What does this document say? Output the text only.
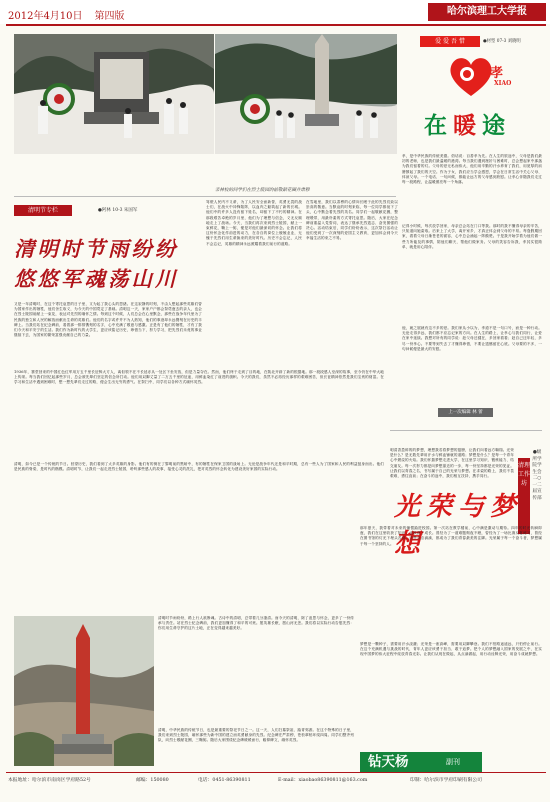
2012年4月10日 第四版	哈尔滨理工大学报
亲林校的同学们在烈士陵园的前敬献花圈并肃穆
清明节专栏	●阿林 10-3 朱国军
清明时节雨纷纷
悠悠军魂荡山川
又是一年清明时，在这个寄托哀思的日子里，又为起了我心头的思绪。在这寂静的时刻，不由人想起那些英雄们曾为国家作出的牺牲，他们舍生取义，为今天的中国奠定了基础。清明这一天，家家户户都会祭奠逝去的亲人，也会在烈士陵园前献上一束花，表达对先烈的缅怀之情。每到这个时候，人们总会在心里默念，那些在战争年代里为了民族的独立和人民的解放而献出生命的英雄们。他们的名字或许并不为人熟知，他们的事迹却永远镌刻在历史的丰碑上。当我们站在纪念碑前，看着那一排排镌刻的名字，心中充满了敬意与感激。正是有了他们的牺牲，才有了我们今天和平安宁的生活。我们作为新时代的大学生，更应该铭记历史，珍惜当下，努力学习，把先烈们未竟的事业继续下去，为国家的繁荣富强贡献自己的力量。
驾驶人民内不义命，为了人民安全而新誓，英勇无畏的战士们，在战火中冲锋陷阵，以血肉之躯筑起了新的长城。他们中的许多人没有留下姓名，却留下了不朽的精神。在那段艰苦卓绝的岁月里，他们为了理想与信念，义无反顾地走上了战场。今天，当我们再次来到烈士陵园，献上一束鲜花，鞠上一躬，便是对他们最深切的怀念。让我们将这份怀念化作前进的动力，在各自的岗位上兢兢业业，无愧于先烈们用生命换来的美好时代。历史不会忘记，人民不会忘记，英雄的精神永远照耀着我们前行的道路。
在雪地里，我们以肃穆的心情向长眠于此的先烈们致以崇高的敬意。当默哀的时刻来临，每一位同学都低下了头，心中默念着先烈的英名。同学们一起敬献花圈，整理缎带，用最朴素的方式寄托哀思。随后，大家在纪念碑前重温入党誓词，表达了继承先烈遗志、奋发图强的决心。活动结束后，同学们纷纷表示，这次祭扫活动让他们受到了一次深刻的爱国主义教育，更加体会到今天幸福生活的来之不易。
1936年，寨堂回来的中国红色红军用万五千里长征铸大方人，离但领不在不长延亦从一处区下坐安放，但是力量夺在。然而，他们终于走到了目的地，在陕北开辟了新的根据地。那一段段感人至深的故事，至今仍在中华大地上传颂。每当我们回忆起那些岁月，总会被先辈们坚定的信念所打动。他们用双脚丈量了二万五千里的征途，用鲜血染红了前进的旗帜。今天的我们，虽然不必再经历那样的艰难困苦，但长征精神依然是我们宝贵的财富。在学习和生活中遇到困难时，想一想先辈们走过的路，便会生出无穷的勇气。在祭扫中，同学们以各种方式缅怀英烈。
清明，如今已是一个传统的节日。回望历史，我们看到了太多英雄的身影。他们有的倒在了黎明前的黑暗中，有的牺牲在保家卫国的战场上。无论是战争年代还是和平时期，总有一些人为了国家和人民的利益挺身而出。他们是民族的脊梁，是时代的楷模。清明时节，让我们一起走进烈士陵园，聆听那些感人的故事，接受心灵的洗礼，把对英烈的怀念转化为建设美好家园的实际行动。
清明时节雨纷纷，路上行人欲断魂。古诗中的清明，总带着几分凄清。而今天的清明，除了追思与怀念，更多了一份传承与责任。站在烈士纪念碑前，我们更加懂得了和平的可贵。愿英雄长眠，愿山河无恙。我们将以实际行动告慰先烈：你们用生命守护的这片土地，正在变得越来越美好。
清明，中华民族的传统节日，也是最重要的祭祀节日之一。这一天，人们扫墓祭祖、踏青郊游。在这个特殊的日子里，我们来到烈士陵园，缅怀那些为新中国的建立而英勇献身的先烈。纪念碑庄严肃穆，苍松翠柏环绕四周。同学们整齐列队，向烈士敬献花圈，三鞠躬。随后大家围绕纪念碑缓缓而行，瞻仰碑文，缅怀英烈。
爱 爱 吾 惜	●材型 07-3 刘晓明
孝
XIAO
在暖途
孝，是中华民族的传统美德。俗话说：百善孝为先。在人生的旅途中，父母是我们最初的老师，也是我们最温暖的港湾。每当我们遇到挫折与困难时，总会想起家中那盏为我们留着的灯。父母的爱无私而伟大，他们用辛勤的汗水养育了我们，用宽厚的肩膀撑起了我们的天空。作为子女，我们应当学会感恩，学会在日常生活中关心父母、体谅父母。一个电话、一句问候，都能让远方的父母感到欣慰。让孝心伴随我们走过每一段路程，让温暖照亮每一个角落。
记得小时候，每次放学回家，母亲总会站在门口等我。那时的我不懂得母亲的辛苦，只知道向她索取。后来上了大学，离开家乡，才真正体会到父母的不易。每逢假期回家，看着父母日渐苍老的面容，心中总会涌起一阵酸楚。于是我开始学着为他们做一些力所能及的事情，陪他们聊天，帮他们做家务。父母的笑容告诉我，孝其实很简单，就是用心陪伴。
他，就之展就有这不多的爱。我们家从小以为，孝道不是一句口号，而是一种行动。无论走得多远，我们都不应忘记家的方向。在人生的路上，让孝心与我们同行，让爱在家中延续。我想对所有的同学说：趁父母还健在，多回家看看；趁自己还年轻，多尽一份孝心。不要等到失去了才懂得珍惜，不要让遗憾留在心底。父母要的不多，一句问候便是最大的安慰。
上一次编辑 林 蕾
清理工作坊
●级所学院学生会二○一二届宣传部
光荣与梦想
明清香盈碎的的梦想，理想我若将梦想的翅膀，让我们向着远方翱翔。光荣是什么？是无数先辈用汗水与鲜血铺就的道路；梦想是什么？是每一个青年心中燃烧的火焰。我们怀揣梦想走进大学，在这里学习知识、锻炼能力、结交朋友。每一次努力都是向梦想靠近的一步，每一份坚持都是光荣的见证。让我们以青春之名，书写属于自己的光荣与梦想。在求索的路上，我们不畏艰难，勇往直前；在奋斗的途中，我们相互扶持，携手同行。
那年夏天，我带着对未来的憧憬踏进校园。第一次站在教学楼前，心中满是激动与期待。四年的时光转瞬即逝，我们在这里收获了知识，也收获了成长。曾经为了一道难题彻夜不眠，曾经为了一场比赛反复练习，曾经在图书馆的灯光下埋头苦读。这些点点滴滴，都成为了我们青春最美的注脚。光荣属于每一个奋斗者，梦想属于每一个坚持的人。
梦想是一颗种子，需要用汗水浇灌；光荣是一座高峰，需要用双脚攀登。我们不怕路途遥远，只怕停止前行。在这个充满机遇与挑战的时代，青年人更应该勇于担当、敢于追梦。把个人的梦想融入国家的发展之中，在实现中国梦的伟大征程中绽放青春光彩。让我们从现在做起，从点滴做起，用行动诠释光荣，用奋斗成就梦想。
钻天杨	副刊
本报地址：哈尔滨市南岗区学府路52号	邮编：150080	电话：0451-86390811	E-mail：xiaobao86390811@163.com	印制：哈尔滨市学府印刷有限公司
